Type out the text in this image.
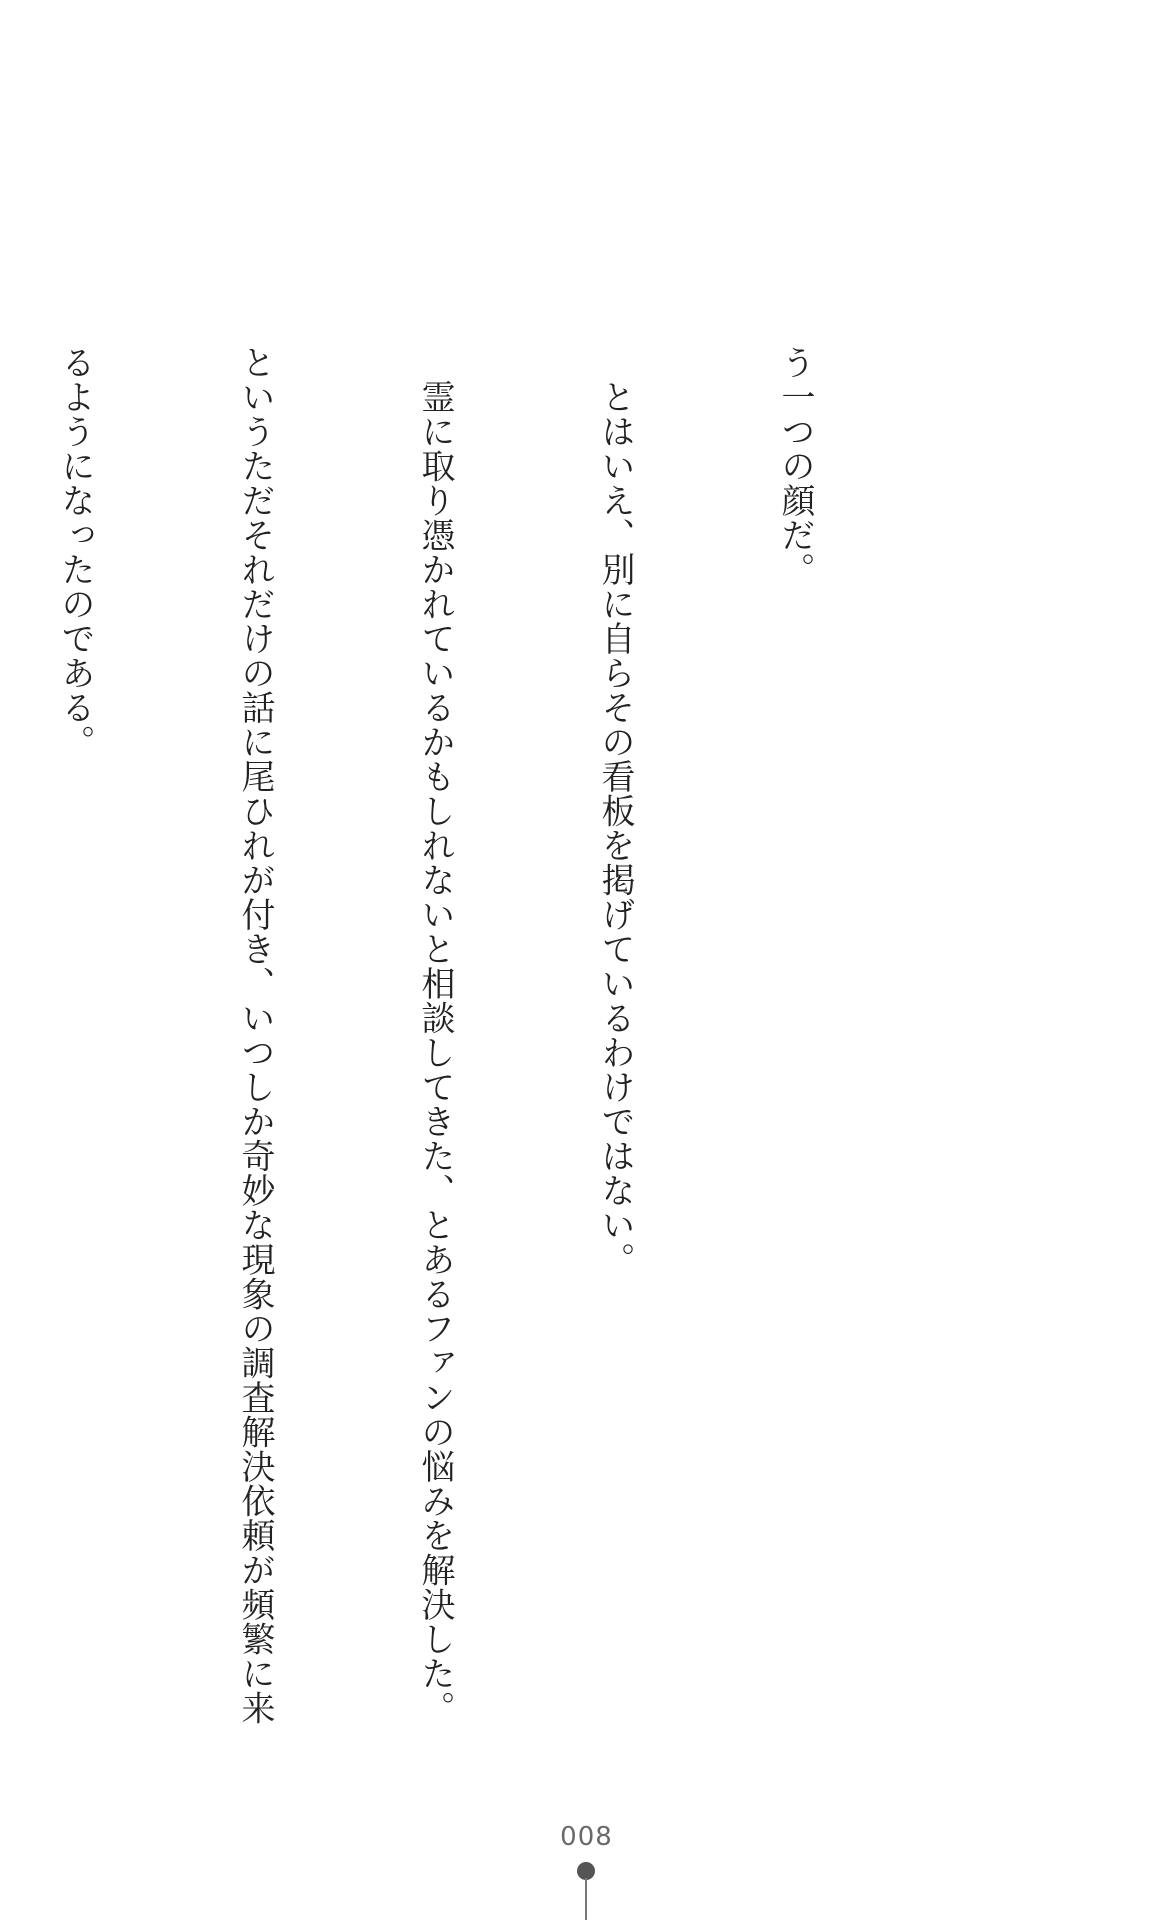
う一つの顔だ。

　とはいえ、別に自らその看板を掲げているわけではない。

　霊に取り憑かれているかもしれないと相談してきた、とあるファンの悩みを解決した。

というただそれだけの話に尾ひれが付き、いつしか奇妙な現象の調査解決依頼が頻繁に来

るようになったのである。

008
